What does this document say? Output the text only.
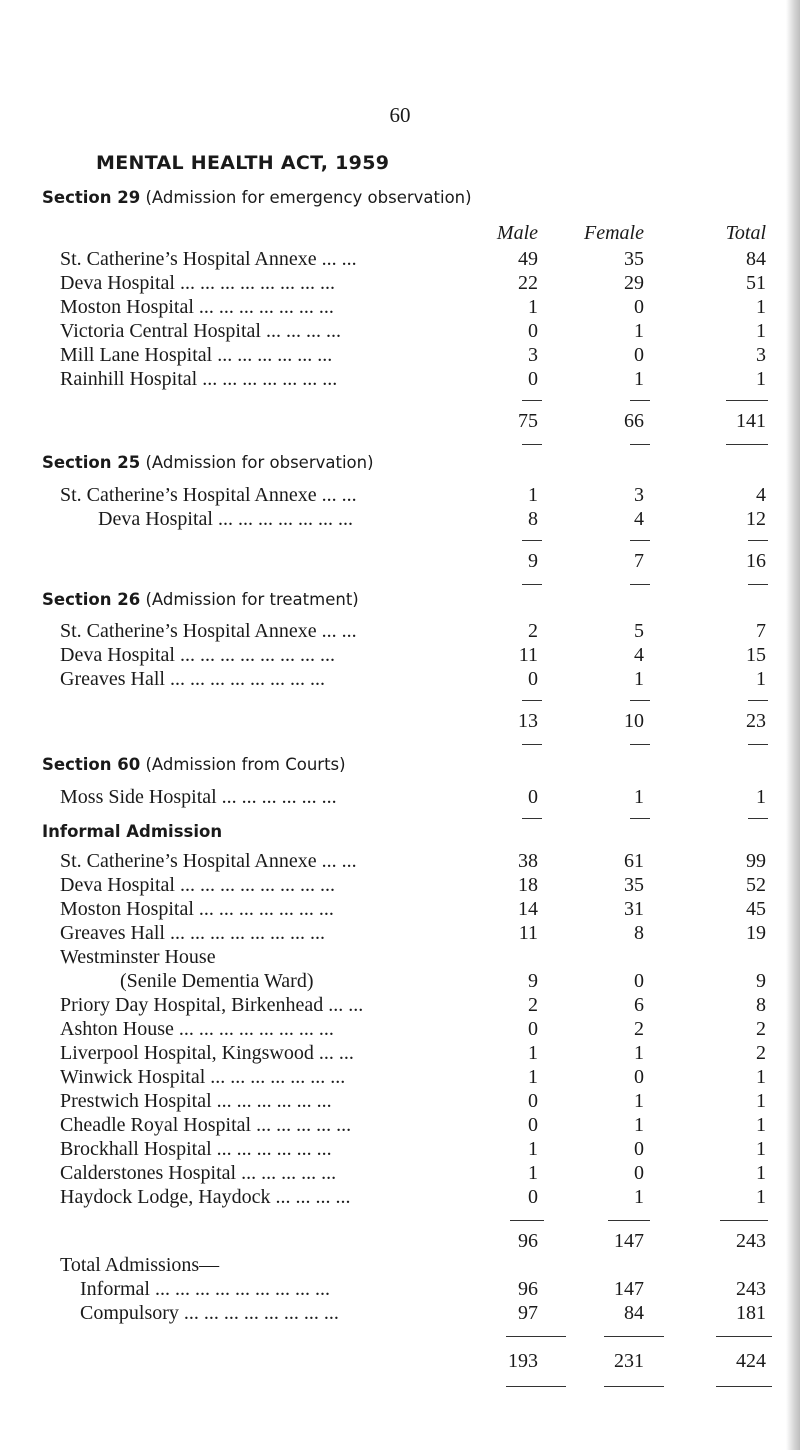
60
MENTAL HEALTH ACT, 1959
Section 29 (Admission for emergency observation)
Male Female	Total
St. Catherine’s Hospital Annexe ... ...	49	35	84
Deva Hospital ... ... ... ... ... ... ... ...	22	29	51
Moston Hospital ... ... ... ... ... ... ...	1	0	1
Victoria Central Hospital ... ... ... ...	0	1	1
Mill Lane Hospital ... ... ... ... ... ...	3	0	3
Rainhill Hospital ... ... ... ... ... ... ...	0	1	1
75	66	141
Section 25 (Admission for observation)
St. Catherine’s Hospital Annexe ... ...	1	3	4
Deva Hospital ... ... ... ... ... ... ...	8	4	12
9	7	16
Section 26 (Admission for treatment)
St. Catherine’s Hospital Annexe ... ...	2	5	7
Deva Hospital ... ... ... ... ... ... ... ...	11	4	15
Greaves Hall ... ... ... ... ... ... ... ...	0	1	1
13	10	23
Section 60 (Admission from Courts)
Moss Side Hospital ... ... ... ... ... ...	0	1	1
Informal Admission
St. Catherine’s Hospital Annexe ... ...	38	61	99
Deva Hospital ... ... ... ... ... ... ... ...	18	35	52
Moston Hospital ... ... ... ... ... ... ...	14	31	45
Greaves Hall ... ... ... ... ... ... ... ...	11	8	19
Westminster House
(Senile Dementia Ward)	9	0	9
Priory Day Hospital, Birkenhead ... ...	2	6	8
Ashton House ... ... ... ... ... ... ... ...	0	2	2
Liverpool Hospital, Kingswood ... ...	1	1	2
Winwick Hospital ... ... ... ... ... ... ...	1	0	1
Prestwich Hospital ... ... ... ... ... ...	0	1	1
Cheadle Royal Hospital ... ... ... ... ...	0	1	1
Brockhall Hospital ... ... ... ... ... ...	1	0	1
Calderstones Hospital ... ... ... ... ...	1	0	1
Haydock Lodge, Haydock ... ... ... ...	0	1	1
96	147	243
Total Admissions—
Informal ... ... ... ... ... ... ... ... ...	96	147	243
Compulsory ... ... ... ... ... ... ... ...	97	84	181
193	231	424
